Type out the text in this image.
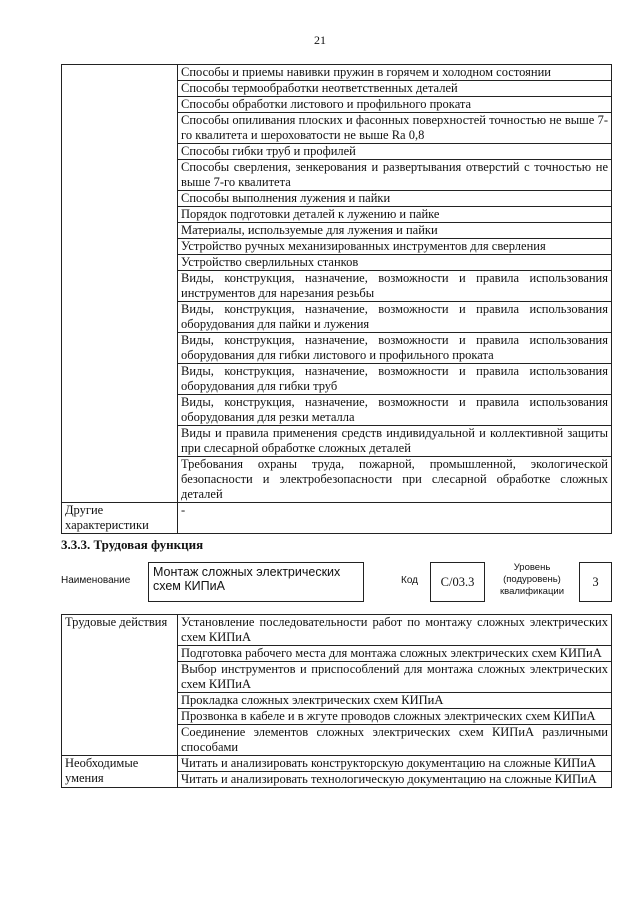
21
	Способы и приемы навивки пружин в горячем и холодном состоянии
	Способы термообработки неответственных деталей
	Способы обработки листового и профильного проката
	Способы опиливания плоских и фасонных поверхностей точностью не выше 7-го квалитета и шероховатости не выше Ra 0,8
	Способы гибки труб и профилей
	Способы сверления, зенкерования и развертывания отверстий с точностью не выше 7-го квалитета
	Способы выполнения лужения и пайки
	Порядок подготовки деталей к лужению и пайке
	Материалы, используемые для лужения и пайки
	Устройство ручных механизированных инструментов для сверления
	Устройство сверлильных станков
	Виды, конструкция, назначение, возможности и правила использования инструментов для нарезания резьбы
	Виды, конструкция, назначение, возможности и правила использования оборудования для пайки и лужения
	Виды, конструкция, назначение, возможности и правила использования оборудования для гибки листового и профильного проката
	Виды, конструкция, назначение, возможности и правила использования оборудования для гибки труб
	Виды, конструкция, назначение, возможности и правила использования оборудования для резки металла
	Виды и правила применения средств индивидуальной и коллективной защиты при слесарной обработке сложных деталей
	Требования охраны труда, пожарной, промышленной, экологической безопасности и электробезопасности при слесарной обработке сложных деталей
Другие характеристики	-
3.3.3. Трудовая функция
Наименование
Монтаж сложных электрических схем КИПиА	Код	С/03.3
Уровень (подуровень) квалификации
3
Трудовые действия	Установление последовательности работ по монтажу сложных электрических схем КИПиА
	Подготовка рабочего места для монтажа сложных электрических схем КИПиА
	Выбор инструментов и приспособлений для монтажа сложных электрических схем КИПиА
	Прокладка сложных электрических схем КИПиА
	Прозвонка в кабеле и в жгуте проводов сложных электрических схем КИПиА
	Соединение элементов сложных электрических схем КИПиА различными способами
Необходимые умения	Читать и анализировать конструкторскую документацию на сложные КИПиА
	Читать и анализировать технологическую документацию на сложные КИПиА
